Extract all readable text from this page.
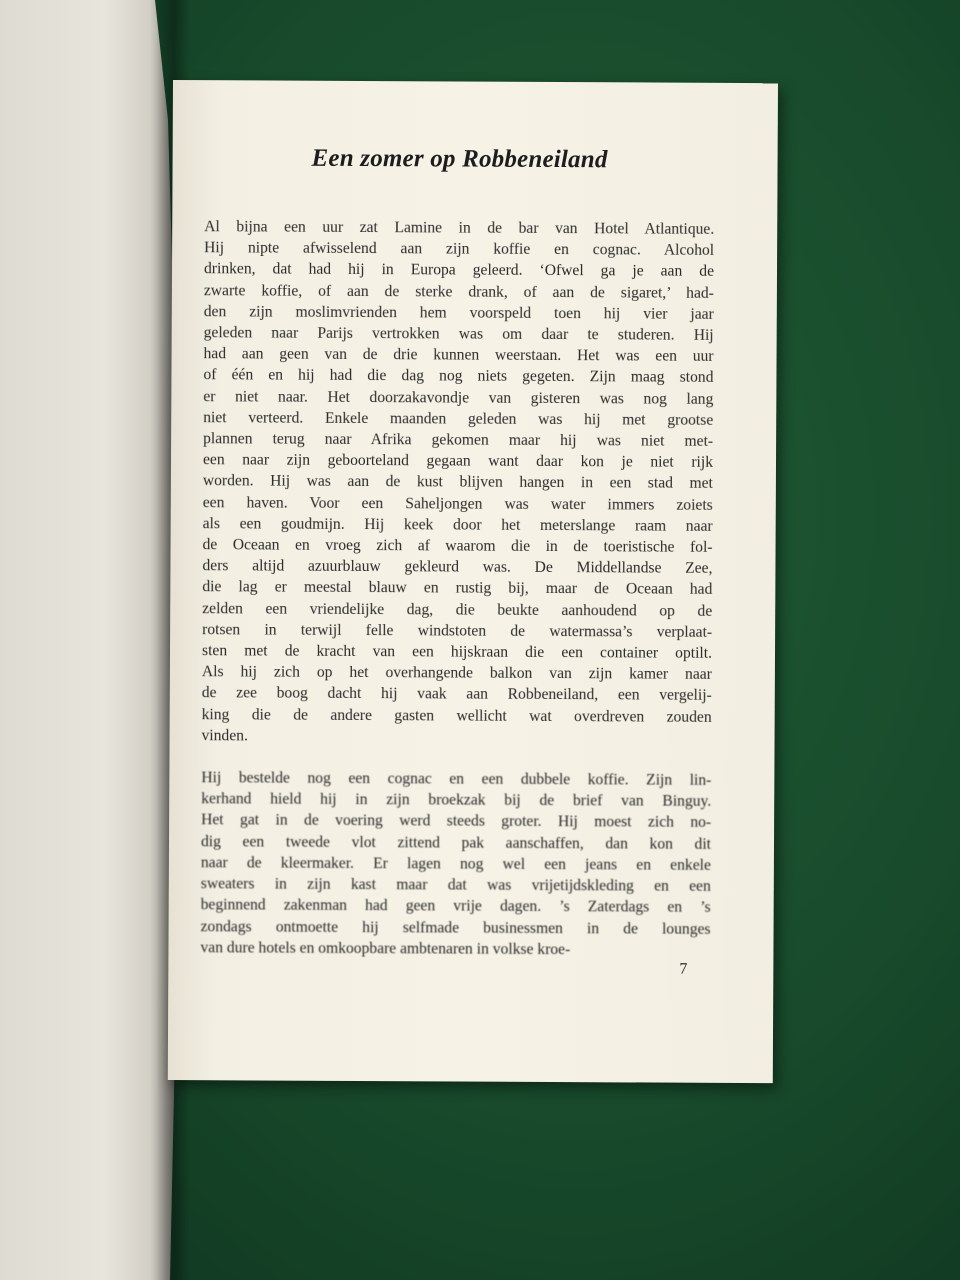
Een zomer op Robbeneiland

Al bijna een uur zat Lamine in de bar van Hotel Atlantique.
Hij nipte afwisselend aan zijn koffie en cognac. Alcohol
drinken, dat had hij in Europa geleerd. ‘Ofwel ga je aan de
zwarte koffie, of aan de sterke drank, of aan de sigaret,’ had-
den zijn moslimvrienden hem voorspeld toen hij vier jaar
geleden naar Parijs vertrokken was om daar te studeren. Hij
had aan geen van de drie kunnen weerstaan. Het was een uur
of één en hij had die dag nog niets gegeten. Zijn maag stond
er niet naar. Het doorzakavondje van gisteren was nog lang
niet verteerd. Enkele maanden geleden was hij met grootse
plannen terug naar Afrika gekomen maar hij was niet met-
een naar zijn geboorteland gegaan want daar kon je niet rijk
worden. Hij was aan de kust blijven hangen in een stad met
een haven. Voor een Saheljongen was water immers zoiets
als een goudmijn. Hij keek door het meterslange raam naar
de Oceaan en vroeg zich af waarom die in de toeristische fol-
ders altijd azuurblauw gekleurd was. De Middellandse Zee,
die lag er meestal blauw en rustig bij, maar de Oceaan had
zelden een vriendelijke dag, die beukte aanhoudend op de
rotsen in terwijl felle windstoten de watermassa’s verplaat-
sten met de kracht van een hijskraan die een container optilt.
Als hij zich op het overhangende balkon van zijn kamer naar
de zee boog dacht hij vaak aan Robbeneiland, een vergelij-
king die de andere gasten wellicht wat overdreven zouden
vinden.

Hij bestelde nog een cognac en een dubbele koffie. Zijn lin-
kerhand hield hij in zijn broekzak bij de brief van Binguy.
Het gat in de voering werd steeds groter. Hij moest zich no-
dig een tweede vlot zittend pak aanschaffen, dan kon dit
naar de kleermaker. Er lagen nog wel een jeans en enkele
sweaters in zijn kast maar dat was vrijetijdskleding en een
beginnend zakenman had geen vrije dagen. ’s Zaterdags en ’s
zondags ontmoette hij selfmade businessmen in de lounges
van dure hotels en omkoopbare ambtenaren in volkse kroe-

7
